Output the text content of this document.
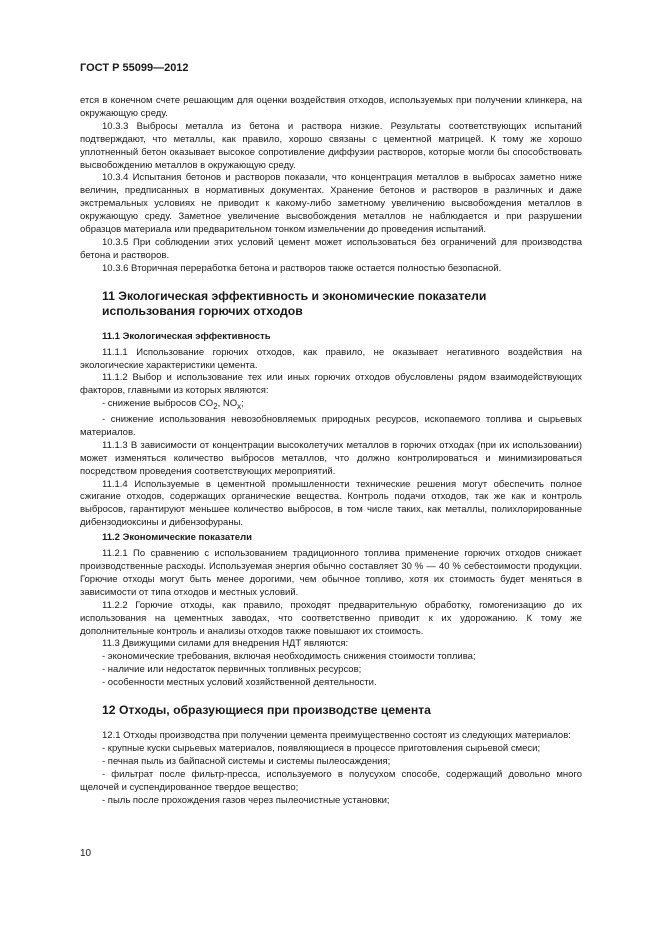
ГОСТ Р 55099—2012

ется в конечном счете решающим для оценки воздействия отходов, используемых при получении клинкера, на окружающую среду.

10.3.3 Выбросы металла из бетона и раствора низкие. Результаты соответствующих испытаний подтверждают, что металлы, как правило, хорошо связаны с цементной матрицей. К тому же хорошо уплотненный бетон оказывает высокое сопротивление диффузии растворов, которые могли бы способствовать высвобождению металлов в окружающую среду.

10.3.4 Испытания бетонов и растворов показали, что концентрация металлов в выбросах заметно ниже величин, предписанных в нормативных документах. Хранение бетонов и растворов в различных и даже экстремальных условиях не приводит к какому-либо заметному увеличению высвобождения металлов в окружающую среду. Заметное увеличение высвобождения металлов не наблюдается и при разрушении образцов материала или предварительном тонком измельчении до проведения испытаний.

10.3.5 При соблюдении этих условий цемент может использоваться без ограничений для производства бетона и растворов.

10.3.6 Вторичная переработка бетона и растворов также остается полностью безопасной.

11 Экологическая эффективность и экономические показатели использования горючих отходов

11.1 Экологическая эффективность

11.1.1 Использование горючих отходов, как правило, не оказывает негативного воздействия на экологические характеристики цемента.

11.1.2 Выбор и использование тех или иных горючих отходов обусловлены рядом взаимодействующих факторов, главными из которых являются:

- снижение выбросов $CO_2$, $NO_x$;

- снижение использования невозобновляемых природных ресурсов, ископаемого топлива и сырьевых материалов.

11.1.3 В зависимости от концентрации высоколетучих металлов в горючих отходах (при их использовании) может изменяться количество выбросов металлов, что должно контролироваться и минимизироваться посредством проведения соответствующих мероприятий.

11.1.4 Используемые в цементной промышленности технические решения могут обеспечить полное сжигание отходов, содержащих органические вещества. Контроль подачи отходов, так же как и контроль выбросов, гарантируют меньшее количество выбросов, в том числе таких, как металлы, полихлорированные дибензодиоксины и дибензофураны.

11.2 Экономические показатели

11.2.1 По сравнению с использованием традиционного топлива применение горючих отходов снижает производственные расходы. Используемая энергия обычно составляет 30 % — 40 % себестоимости продукции. Горючие отходы могут быть менее дорогими, чем обычное топливо, хотя их стоимость будет меняться в зависимости от типа отходов и местных условий.

11.2.2 Горючие отходы, как правило, проходят предварительную обработку, гомогенизацию до их использования на цементных заводах, что соответственно приводит к их удорожанию. К тому же дополнительные контроль и анализы отходов также повышают их стоимость.

11.3 Движущими силами для внедрения НДТ являются:

- экономические требования, включая необходимость снижения стоимости топлива;

- наличие или недостаток первичных топливных ресурсов;

- особенности местных условий хозяйственной деятельности.

12 Отходы, образующиеся при производстве цемента

12.1 Отходы производства при получении цемента преимущественно состоят из следующих материалов:

- крупные куски сырьевых материалов, появляющиеся в процессе приготовления сырьевой смеси;

- печная пыль из байпасной системы и системы пылеосаждения;

- фильтрат после фильтр-пресса, используемого в полусухом способе, содержащий довольно много щелочей и суспендированное твердое вещество;

- пыль после прохождения газов через пылеочистные установки;

10
